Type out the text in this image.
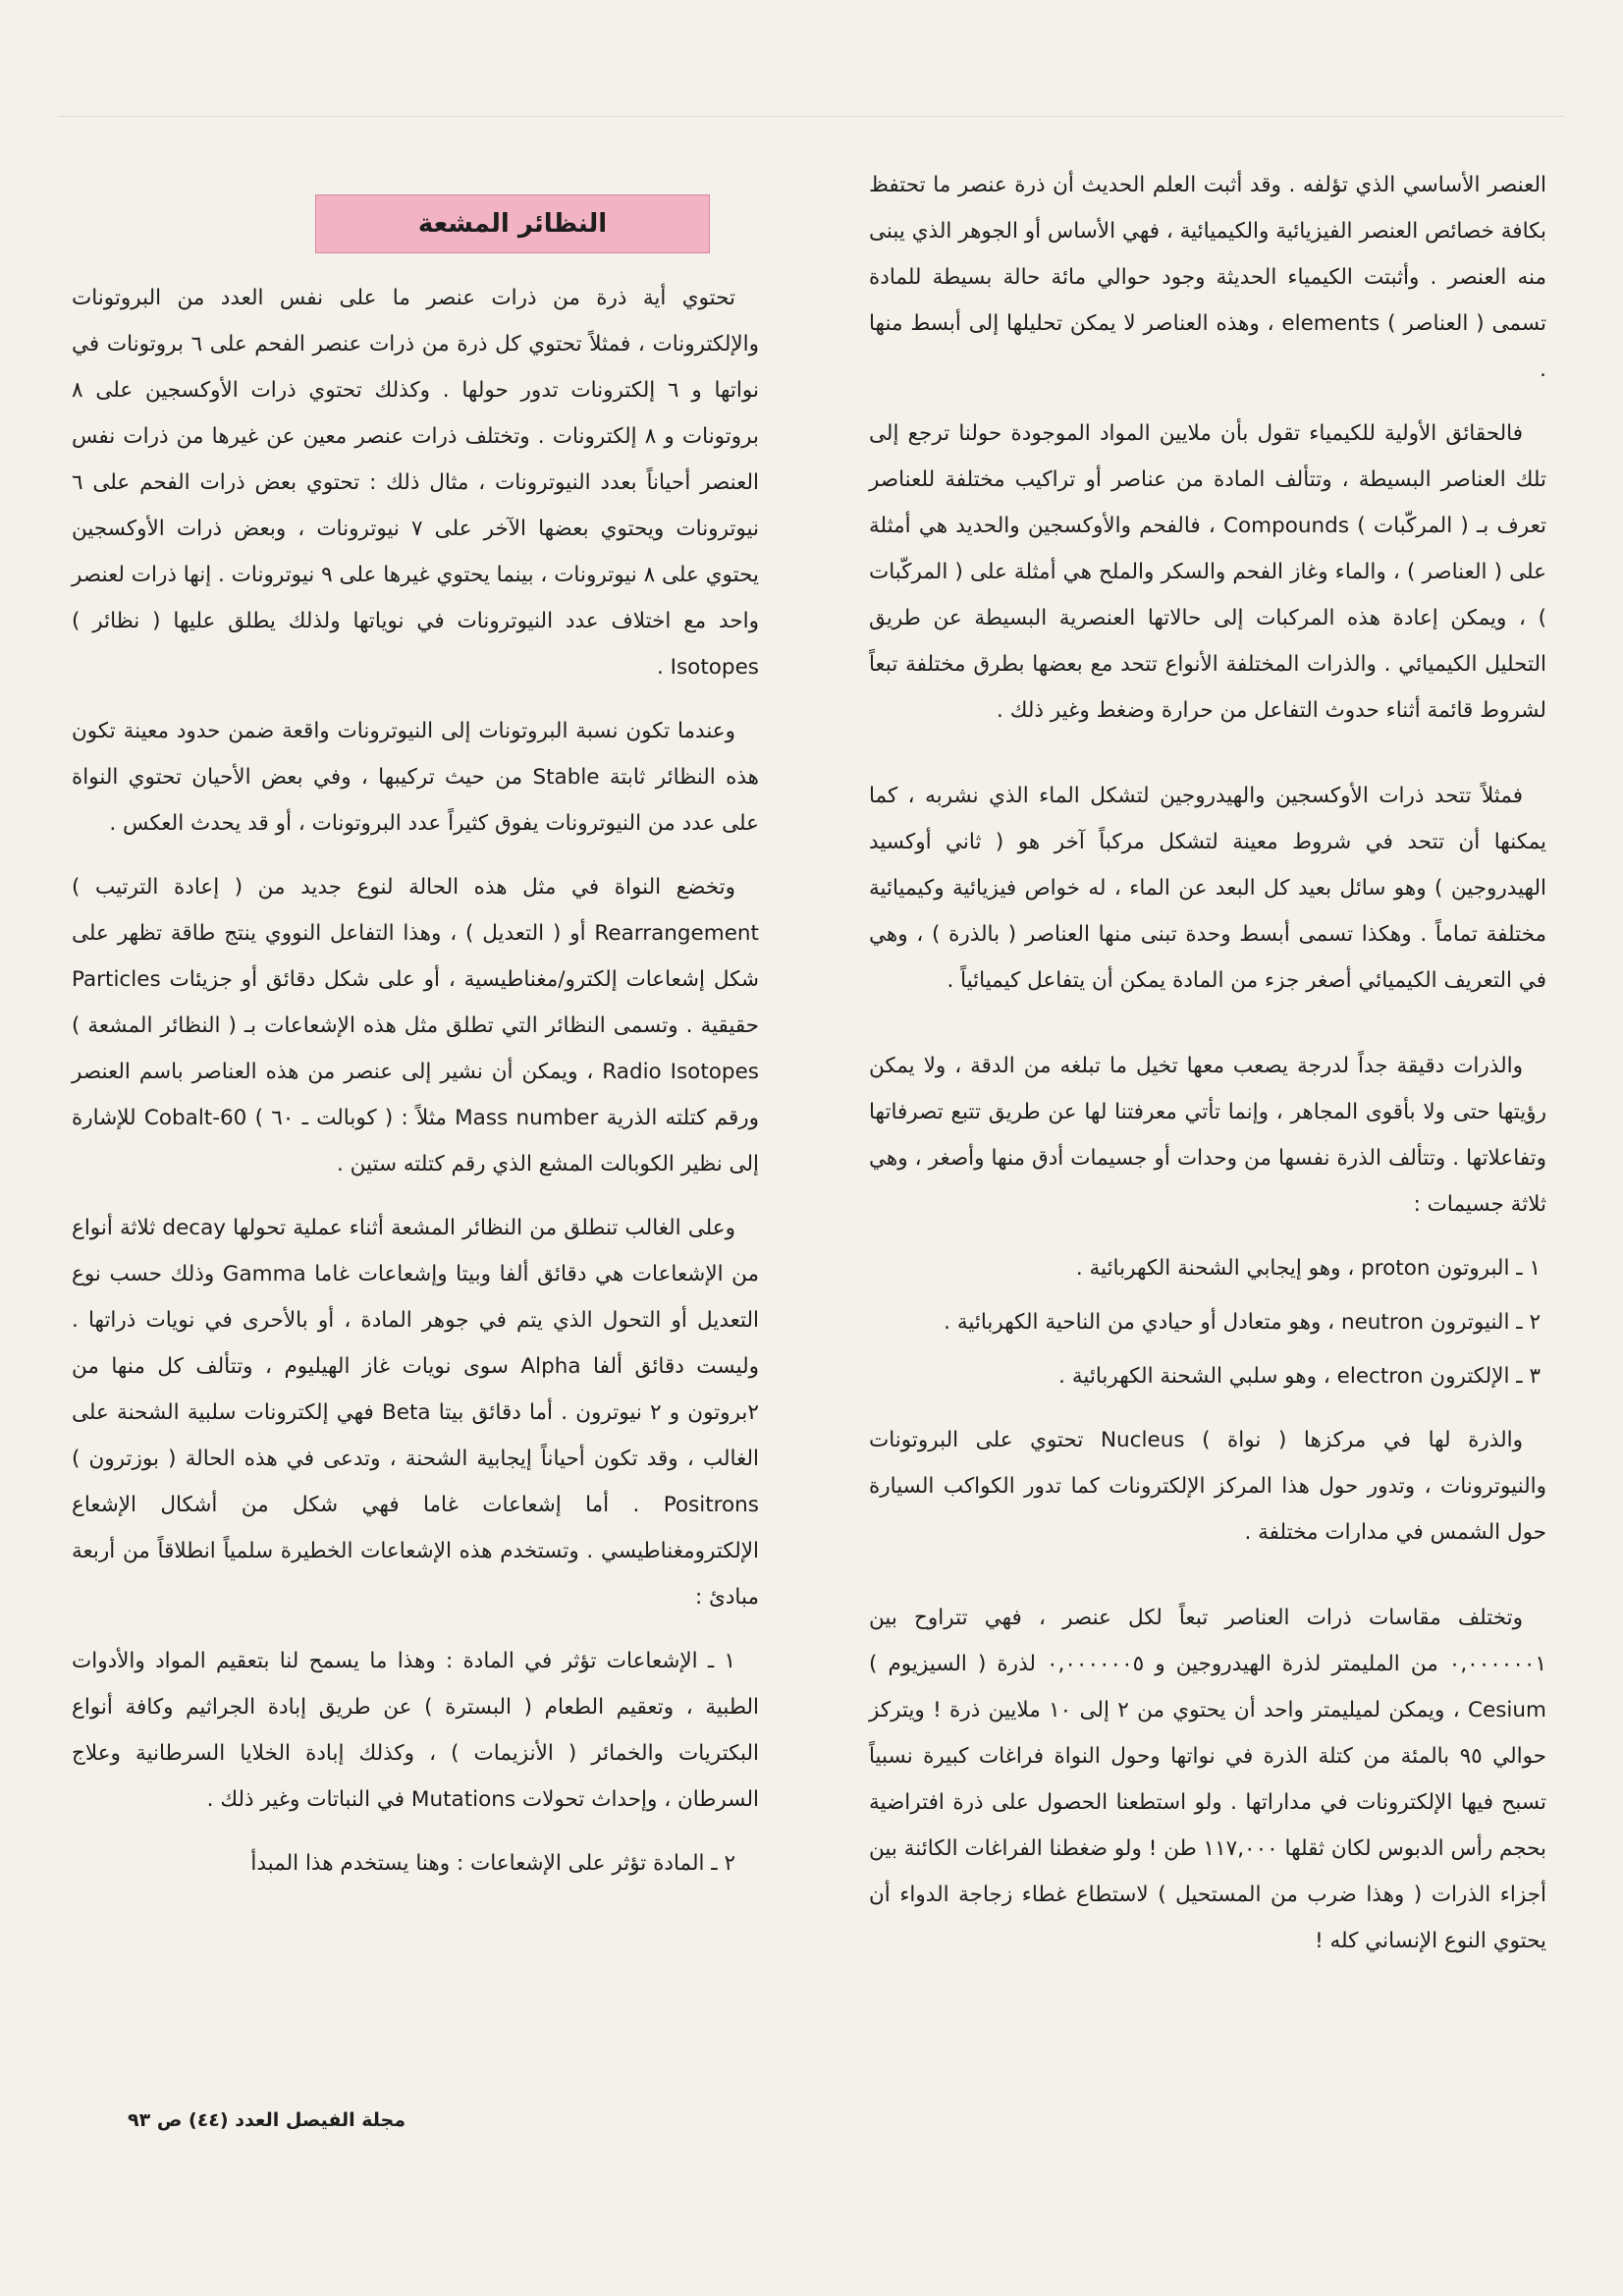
العنصر الأساسي الذي تؤلفه . وقد أثبت العلم الحديث أن ذرة عنصر ما تحتفظ بكافة خصائص العنصر الفيزيائية والكيميائية ، فهي الأساس أو الجوهر الذي يبنى منه العنصر . وأثبتت الكيمياء الحديثة وجود حوالي مائة حالة بسيطة للمادة تسمى ( العناصر ) elements ، وهذه العناصر لا يمكن تحليلها إلى أبسط منها .

فالحقائق الأولية للكيمياء تقول بأن ملايين المواد الموجودة حولنا ترجع إلى تلك العناصر البسيطة ، وتتألف المادة من عناصر أو تراكيب مختلفة للعناصر تعرف بـ ( المركّبات ) Compounds ، فالفحم والأوكسجين والحديد هي أمثلة على ( العناصر ) ، والماء وغاز الفحم والسكر والملح هي أمثلة على ( المركّبات ) ، ويمكن إعادة هذه المركبات إلى حالاتها العنصرية البسيطة عن طريق التحليل الكيميائي . والذرات المختلفة الأنواع تتحد مع بعضها بطرق مختلفة تبعاً لشروط قائمة أثناء حدوث التفاعل من حرارة وضغط وغير ذلك .

فمثلاً تتحد ذرات الأوكسجين والهيدروجين لتشكل الماء الذي نشربه ، كما يمكنها أن تتحد في شروط معينة لتشكل مركباً آخر هو ( ثاني أوكسيد الهيدروجين ) وهو سائل بعيد كل البعد عن الماء ، له خواص فيزيائية وكيميائية مختلفة تماماً . وهكذا تسمى أبسط وحدة تبنى منها العناصر ( بالذرة ) ، وهي في التعريف الكيميائي أصغر جزء من المادة يمكن أن يتفاعل كيميائياً .

والذرات دقيقة جداً لدرجة يصعب معها تخيل ما تبلغه من الدقة ، ولا يمكن رؤيتها حتى ولا بأقوى المجاهر ، وإنما تأتي معرفتنا لها عن طريق تتبع تصرفاتها وتفاعلاتها . وتتألف الذرة نفسها من وحدات أو جسيمات أدق منها وأصغر ، وهي ثلاثة جسيمات :

١ ـ البروتون proton ، وهو إيجابي الشحنة الكهربائية .
٢ ـ النيوترون neutron ، وهو متعادل أو حيادي من الناحية الكهربائية .
٣ ـ الإلكترون electron ، وهو سلبي الشحنة الكهربائية .

والذرة لها في مركزها ( نواة ) Nucleus تحتوي على البروتونات والنيوترونات ، وتدور حول هذا المركز الإلكترونات كما تدور الكواكب السيارة حول الشمس في مدارات مختلفة .

وتختلف مقاسات ذرات العناصر تبعاً لكل عنصر ، فهي تتراوح بين ٠,٠٠٠٠٠٠١ من المليمتر لذرة الهيدروجين و ٠,٠٠٠٠٠٠٥ لذرة ( السيزيوم ) Cesium ، ويمكن لميليمتر واحد أن يحتوي من ٢ إلى ١٠ ملايين ذرة ! ويتركز حوالي ٩٥ بالمئة من كتلة الذرة في نواتها وحول النواة فراغات كبيرة نسبياً تسبح فيها الإلكترونات في مداراتها . ولو استطعنا الحصول على ذرة افتراضية بحجم رأس الدبوس لكان ثقلها ١١٧,٠٠٠ طن ! ولو ضغطنا الفراغات الكائنة بين أجزاء الذرات ( وهذا ضرب من المستحيل ) لاستطاع غطاء زجاجة الدواء أن يحتوي النوع الإنساني كله !

النظائر المشعة

تحتوي أية ذرة من ذرات عنصر ما على نفس العدد من البروتونات والإلكترونات ، فمثلاً تحتوي كل ذرة من ذرات عنصر الفحم على ٦ بروتونات في نواتها و ٦ إلكترونات تدور حولها . وكذلك تحتوي ذرات الأوكسجين على ٨ بروتونات و ٨ إلكترونات . وتختلف ذرات عنصر معين عن غيرها من ذرات نفس العنصر أحياناً بعدد النيوترونات ، مثال ذلك : تحتوي بعض ذرات الفحم على ٦ نيوترونات ويحتوي بعضها الآخر على ٧ نيوترونات ، وبعض ذرات الأوكسجين يحتوي على ٨ نيوترونات ، بينما يحتوي غيرها على ٩ نيوترونات . إنها ذرات لعنصر واحد مع اختلاف عدد النيوترونات في نوياتها ولذلك يطلق عليها ( نظائر ) Isotopes .

وعندما تكون نسبة البروتونات إلى النيوترونات واقعة ضمن حدود معينة تكون هذه النظائر ثابتة Stable من حيث تركيبها ، وفي بعض الأحيان تحتوي النواة على عدد من النيوترونات يفوق كثيراً عدد البروتونات ، أو قد يحدث العكس .

وتخضع النواة في مثل هذه الحالة لنوع جديد من ( إعادة الترتيب ) Rearrangement أو ( التعديل ) ، وهذا التفاعل النووي ينتج طاقة تظهر على شكل إشعاعات إلكترو/مغناطيسية ، أو على شكل دقائق أو جزيئات Particles حقيقية . وتسمى النظائر التي تطلق مثل هذه الإشعاعات بـ ( النظائر المشعة ) Radio Isotopes ، ويمكن أن نشير إلى عنصر من هذه العناصر باسم العنصر ورقم كتلته الذرية Mass number مثلاً : ( كوبالت ـ ٦٠ ) Cobalt-60 للإشارة إلى نظير الكوبالت المشع الذي رقم كتلته ستين .

وعلى الغالب تنطلق من النظائر المشعة أثناء عملية تحولها decay ثلاثة أنواع من الإشعاعات هي دقائق ألفا وبيتا وإشعاعات غاما Gamma وذلك حسب نوع التعديل أو التحول الذي يتم في جوهر المادة ، أو بالأحرى في نويات ذراتها . وليست دقائق ألفا Alpha سوى نويات غاز الهيليوم ، وتتألف كل منها من ٢بروتون و ٢ نيوترون . أما دقائق بيتا Beta فهي إلكترونات سلبية الشحنة على الغالب ، وقد تكون أحياناً إيجابية الشحنة ، وتدعى في هذه الحالة ( بوزترون ) Positrons . أما إشعاعات غاما فهي شكل من أشكال الإشعاع الإلكترومغناطيسي . وتستخدم هذه الإشعاعات الخطيرة سلمياً انطلاقاً من أربعة مبادئ :

١ ـ الإشعاعات تؤثر في المادة : وهذا ما يسمح لنا بتعقيم المواد والأدوات الطبية ، وتعقيم الطعام ( البسترة ) عن طريق إبادة الجراثيم وكافة أنواع البكتريات والخمائر ( الأنزيمات ) ، وكذلك إبادة الخلايا السرطانية وعلاج السرطان ، وإحداث تحولات Mutations في النباتات وغير ذلك .

٢ ـ المادة تؤثر على الإشعاعات : وهنا يستخدم هذا المبدأ

مجلة الفيصل العدد (٤٤) ص ٩٣
